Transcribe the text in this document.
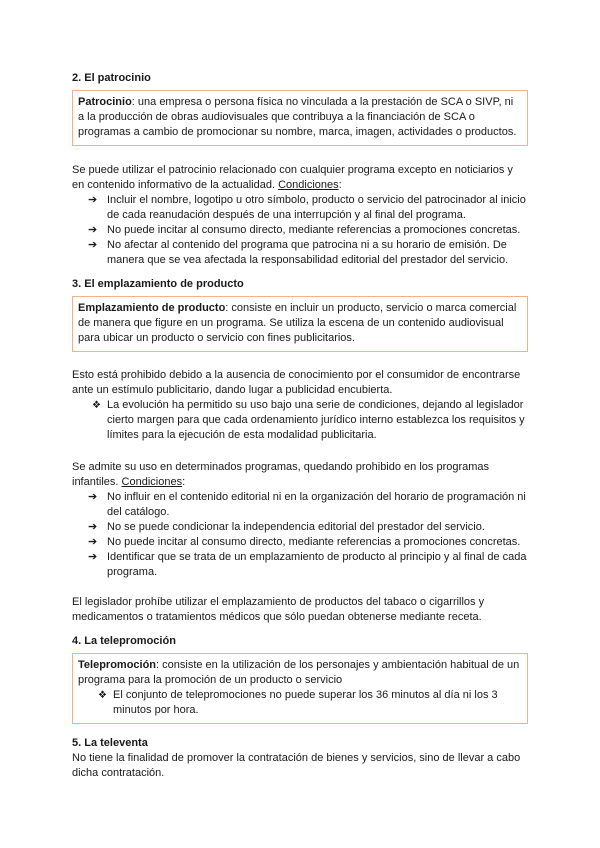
2. El patrocinio

Patrocinio: una empresa o persona física no vinculada a la prestación de SCA o SIVP, ni a la producción de obras audiovisuales que contribuya a la financiación de SCA o programas a cambio de promocionar su nombre, marca, imagen, actividades o productos.

Se puede utilizar el patrocinio relacionado con cualquier programa excepto en noticiarios y en contenido informativo de la actualidad. Condiciones:

➔ Incluir el nombre, logotipo u otro símbolo, producto o servicio del patrocinador al inicio de cada reanudación después de una interrupción y al final del programa.
➔ No puede incitar al consumo directo, mediante referencias a promociones concretas.
➔ No afectar al contenido del programa que patrocina ni a su horario de emisión. De manera que se vea afectada la responsabilidad editorial del prestador del servicio.
3. El emplazamiento de producto

Emplazamiento de producto: consiste en incluir un producto, servicio o marca comercial de manera que figure en un programa. Se utiliza la escena de un contenido audiovisual para ubicar un producto o servicio con fines publicitarios.

Esto está prohibido debido a la ausencia de conocimiento por el consumidor de encontrarse ante un estímulo publicitario, dando lugar a publicidad encubierta.

❖ La evolución ha permitido su uso bajo una serie de condiciones, dejando al legislador cierto margen para que cada ordenamiento jurídico interno establezca los requisitos y límites para la ejecución de esta modalidad publicitaria.

Se admite su uso en determinados programas, quedando prohibido en los programas infantiles. Condiciones:

➔ No influir en el contenido editorial ni en la organización del horario de programación ni del catálogo.
➔ No se puede condicionar la independencia editorial del prestador del servicio.
➔ No puede incitar al consumo directo, mediante referencias a promociones concretas.
➔ Identificar que se trata de un emplazamiento de producto al principio y al final de cada programa.

El legislador prohíbe utilizar el emplazamiento de productos del tabaco o cigarrillos y medicamentos o tratamientos médicos que sólo puedan obtenerse mediante receta.

4. La telepromoción

Telepromoción: consiste en la utilización de los personajes y ambientación habitual de un programa para la promoción de un producto o servicio

❖ El conjunto de telepromociones no puede superar los 36 minutos al día ni los 3 minutos por hora.
5. La televenta

No tiene la finalidad de promover la contratación de bienes y servicios, sino de llevar a cabo dicha contratación.
